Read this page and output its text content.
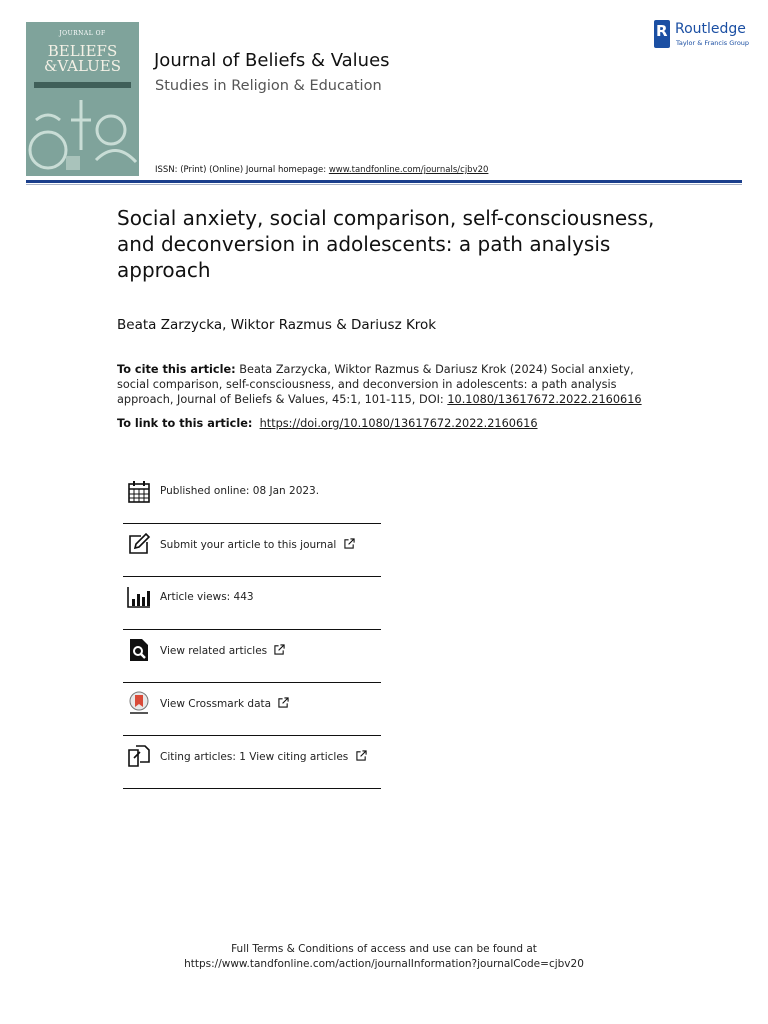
JOURNAL OF
BELIEFS
&VALUES	Journal of Beliefs & Values
Studies in Religion & Education
ISSN: (Print) (Online) Journal homepage: www.tandfonline.com/journals/cjbv20
R
Routledge
Taylor & Francis Group
Social anxiety, social comparison, self-consciousness, and deconversion in adolescents: a path analysis approach
Beata Zarzycka, Wiktor Razmus & Dariusz Krok
To cite this article: Beata Zarzycka, Wiktor Razmus & Dariusz Krok (2024) Social anxiety, social comparison, self-consciousness, and deconversion in adolescents: a path analysis approach, Journal of Beliefs & Values, 45:1, 101-115, DOI: 10.1080/13617672.2022.2160616
To link to this article: https://doi.org/10.1080/13617672.2022.2160616
Published online: 08 Jan 2023.
Submit your article to this journal
Article views: 443
View related articles
View Crossmark data
Citing articles: 1 View citing articles
Full Terms & Conditions of access and use can be found at
https://www.tandfonline.com/action/journalInformation?journalCode=cjbv20
